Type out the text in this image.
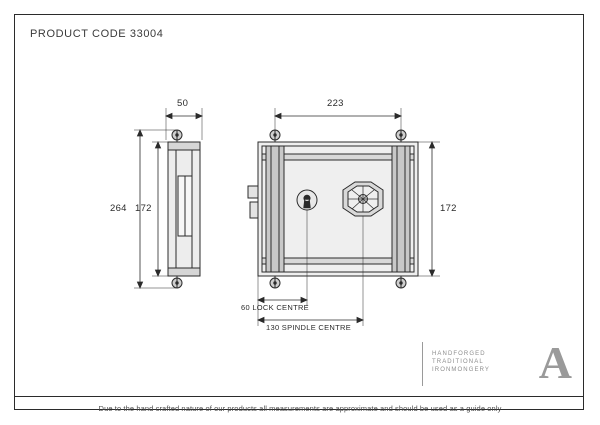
PRODUCT CODE 33004
50	223
264 172	172
60 LOCK CENTRE
130 SPINDLE CENTRE
HANDFORGED
TRADITIONAL
IRONMONGERY A
Due to the hand crafted nature of our products all measurements are approximate and should be used as a guide only
